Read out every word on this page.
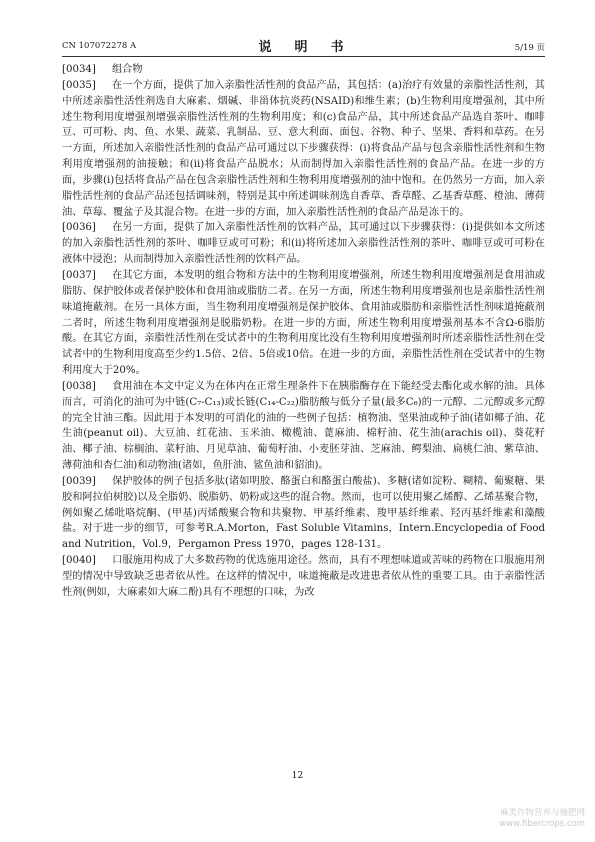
CN 107072278 A	说　明　书	5/19 页

[0034] 组合物

[0035] 在一个方面，提供了加入亲脂性活性剂的食品产品，其包括：(a)治疗有效量的亲脂性活性剂，其中所述亲脂性活性剂选自大麻素、烟碱、非甾体抗炎药(NSAID)和维生素；(b)生物利用度增强剂，其中所述生物利用度增强剂增强亲脂性活性剂的生物利用度；和(c)食品产品，其中所述食品产品选自茶叶、咖啡豆、可可粉、肉、鱼、水果、蔬菜、乳制品、豆、意大利面、面包、谷物、种子、坚果、香料和草药。在另一方面，所述加入亲脂性活性剂的食品产品可通过以下步骤获得：(i)将食品产品与包含亲脂性活性剂和生物利用度增强剂的油接触；和(ii)将食品产品脱水；从而制得加入亲脂性活性剂的食品产品。在进一步的方面，步骤(i)包括将食品产品在包含亲脂性活性剂和生物利用度增强剂的油中饱和。在仍然另一方面，加入亲脂性活性剂的食品产品还包括调味剂，特别是其中所述调味剂选自香草、香草醛、乙基香草醛、橙油、薄荷油、草莓、覆盆子及其混合物。在进一步的方面，加入亲脂性活性剂的食品产品是冻干的。

[0036] 在另一方面，提供了加入亲脂性活性剂的饮料产品，其可通过以下步骤获得：(i)提供如本文所述的加入亲脂性活性剂的茶叶、咖啡豆或可可粉；和(ii)将所述加入亲脂性活性剂的茶叶、咖啡豆或可可粉在液体中浸泡；从而制得加入亲脂性活性剂的饮料产品。

[0037] 在其它方面，本发明的组合物和方法中的生物利用度增强剂，所述生物利用度增强剂是食用油或脂肪、保护胶体或者保护胶体和食用油或脂肪二者。在另一方面，所述生物利用度增强剂也是亲脂性活性剂味道掩蔽剂。在另一具体方面，当生物利用度增强剂是保护胶体、食用油或脂肪和亲脂性活性剂味道掩蔽剂二者时，所述生物利用度增强剂是脱脂奶粉。在进一步的方面，所述生物利用度增强剂基本不含Ω-6脂肪酸。在其它方面，亲脂性活性剂在受试者中的生物利用度比没有生物利用度增强剂时所述亲脂性活性剂在受试者中的生物利用度高至少约1.5倍、2倍、5倍或10倍。在进一步的方面，亲脂性活性剂在受试者中的生物利用度大于20%。

[0038] 食用油在本文中定义为在体内在正常生理条件下在胰脂酶存在下能经受去酯化或水解的油。具体而言，可消化的油可为中链(C₇-C₁₃)或长链(C₁₄-C₂₂)脂肪酸与低分子量(最多C₆)的一元醇、二元醇或多元醇的完全甘油三酯。因此用于本发明的可消化的油的一些例子包括：植物油、坚果油或种子油(诸如椰子油、花生油(peanut oil)、大豆油、红花油、玉米油、橄榄油、蓖麻油、棉籽油、花生油(arachis oil)、葵花籽油、椰子油、棕榈油、菜籽油、月见草油、葡萄籽油、小麦胚芽油、芝麻油、鳄梨油、扁桃仁油、紫草油、薄荷油和杏仁油)和动物油(诸如，鱼肝油、鲨鱼油和貂油)。

[0039] 保护胶体的例子包括多肽(诸如明胶、酪蛋白和酪蛋白酸盐)、多糖(诸如淀粉、糊精、葡聚糖、果胶和阿拉伯树胶)以及全脂奶、脱脂奶、奶粉或这些的混合物。然而，也可以使用聚乙烯醇、乙烯基聚合物，例如聚乙烯吡咯烷酮、(甲基)丙烯酸聚合物和共聚物、甲基纤维素、羧甲基纤维素、羟丙基纤维素和藻酸盐。对于进一步的细节，可参考R.A.Morton，Fast Soluble Vitamins，Intern.Encyclopedia of Food and Nutrition，Vol.9，Pergamon Press 1970，pages 128-131。

[0040] 口服施用构成了大多数药物的优选施用途径。然而，具有不理想味道或苦味的药物在口服施用剂型的情况中导致缺乏患者依从性。在这样的情况中，味道掩蔽是改进患者依从性的重要工具。由于亲脂性活性剂(例如，大麻素如大麻二酚)具有不理想的口味，为改

12
麻类作物营养与施肥网
www.fibercrops.com
